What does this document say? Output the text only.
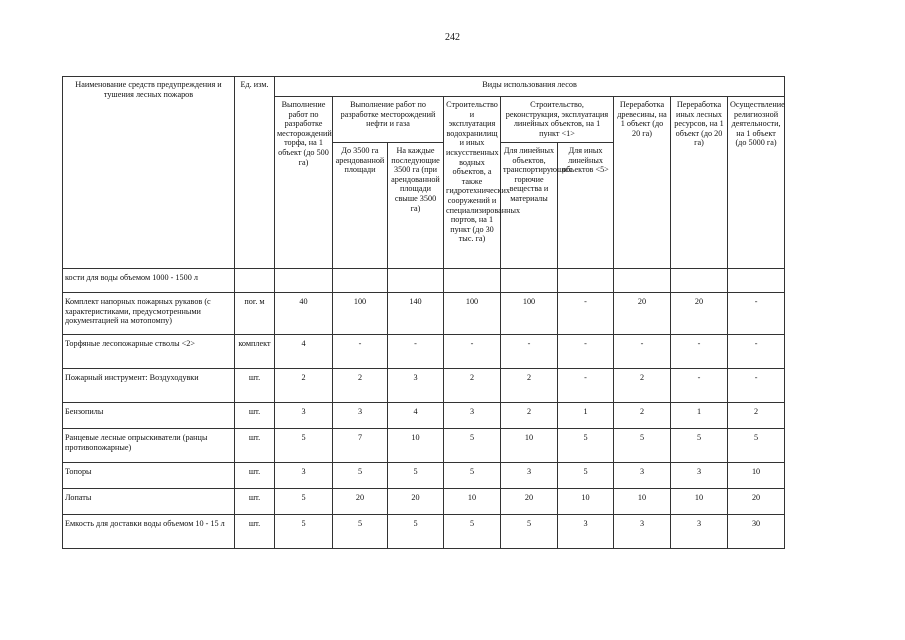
242
Наименование средств предупреждения и тушения лесных пожаров	Ед. изм.	Виды использования лесов								
		Выполнение работ по разработке месторождений торфа, на 1 объект (до 500 га)	Выполнение работ по разработке месторождений нефти и газа		Строительство и эксплуатация водохранилищ и иных искусственных водных объектов, а также гидротехнических сооружений и специализированных портов, на 1 пункт (до 30 тыс. га)	Строительство, реконструкция, эксплуатация линейных объектов, на 1 пункт <1>		Переработка древесины, на 1 объект (до 20 га)	Переработка иных лесных ресурсов, на 1 объект (до 20 га)	Осуществление религиозной деятельности, на 1 объект (до 5000 га)
			До 3500 га арендованной площади	На каждые последующие 3500 га (при арендованной площади свыше 3500 га)		Для линейных объектов, транспортирующих горючие вещества и материалы	Для иных линейных объектов <5>			
кости для воды объемом 1000 - 1500 л										
Комплект напорных пожарных рукавов (с характеристиками, предусмотренными документацией на мотопомпу)	пог. м	40	100	140	100	100	-	20	20	-
Торфяные лесопожарные стволы <2>	комплект	4	-	-	-	-	-	-	-	-
Пожарный инструмент: Воздуходувки	шт.	2	2	3	2	2	-	2	-	-
Бензопилы	шт.	3	3	4	3	2	1	2	1	2
Ранцевые лесные опрыскиватели (ранцы противопожарные)	шт.	5	7	10	5	10	5	5	5	5
Топоры	шт.	3	5	5	5	3	5	3	3	10
Лопаты	шт.	5	20	20	10	20	10	10	10	20
Емкость для доставки воды объемом 10 - 15 л	шт.	5	5	5	5	5	3	3	3	30
